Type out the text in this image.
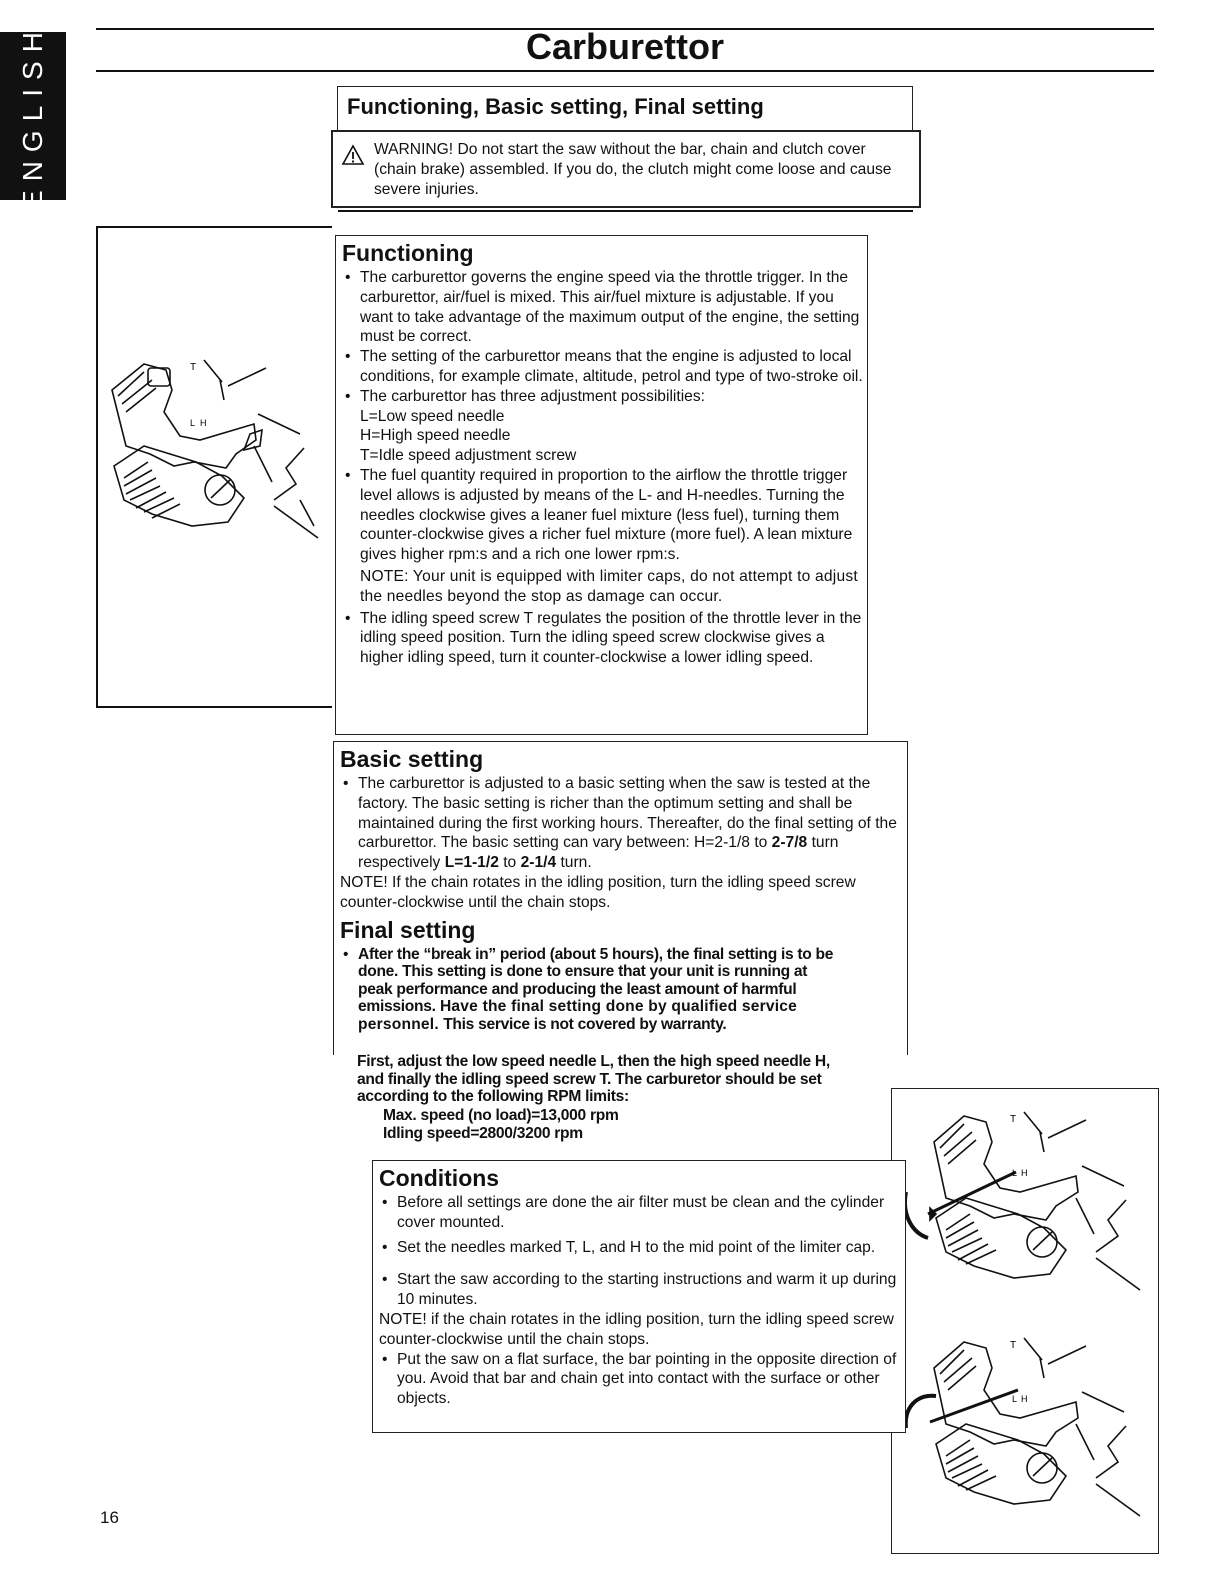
ENGLISH	Carburettor
Functioning, Basic setting, Final setting
WARNING! Do not start the saw without the bar, chain and clutch cover (chain brake) assembled. If you do, the clutch might come loose and cause severe injuries.
T
L H
Functioning
• The carburettor governs the engine speed via the throttle trigger. In the carburettor, air/fuel is mixed. This air/fuel mixture is adjustable. If you want to take advantage of the maximum output of the engine, the setting must be correct.
• The setting of the carburettor means that the engine is adjusted to local conditions, for example climate, altitude, petrol and type of two-stroke oil.
• The carburettor has three adjustment possibilities:
L=Low speed needle
H=High speed needle
T=Idle speed adjustment screw
• The fuel quantity required in proportion to the airflow the throttle trigger level allows is adjusted by means of the L- and H-needles. Turning the needles clockwise gives a leaner fuel mixture (less fuel), turning them counter-clockwise gives a richer fuel mixture (more fuel). A lean mixture gives higher rpm:s and a rich one lower rpm:s.
NOTE: Your unit is equipped with limiter caps, do not attempt to adjust the needles beyond the stop as damage can occur.
• The idling speed screw T regulates the position of the throttle lever in the idling speed position. Turn the idling speed screw clockwise gives a higher idling speed, turn it counter-clockwise a lower idling speed.
Basic setting
• The carburettor is adjusted to a basic setting when the saw is tested at the factory. The basic setting is richer than the optimum setting and shall be maintained during the first working hours. Thereafter, do the final setting of the carburettor. The basic setting can vary between: H=2-1/8 to 2-7/8 turn respectively L=1-1/2 to 2-1/4 turn.
NOTE! If the chain rotates in the idling position, turn the idling speed screw counter-clockwise until the chain stops.
Final setting
• After the “break in” period (about 5 hours), the final setting is to be done. This setting is done to ensure that your unit is running at peak performance and producing the least amount of harmful emissions. Have the final setting done by qualified service personnel. This service is not covered by warranty.
First, adjust the low speed needle L, then the high speed needle H, and finally the idling speed screw T. The carburetor should be set according to the following RPM limits:
Max. speed (no load)=13,000 rpm
Idling speed=2800/3200 rpm
T
L H
T
L H
Conditions
• Before all settings are done the air filter must be clean and the cylinder cover mounted.
• Set the needles marked T, L, and H to the mid point of the limiter cap.
• Start the saw according to the starting instructions and warm it up during 10 minutes.
NOTE! if the chain rotates in the idling position, turn the idling speed screw counter-clockwise until the chain stops.
• Put the saw on a flat surface, the bar pointing in the opposite direction of you. Avoid that bar and chain get into contact with the surface or other objects.
16
